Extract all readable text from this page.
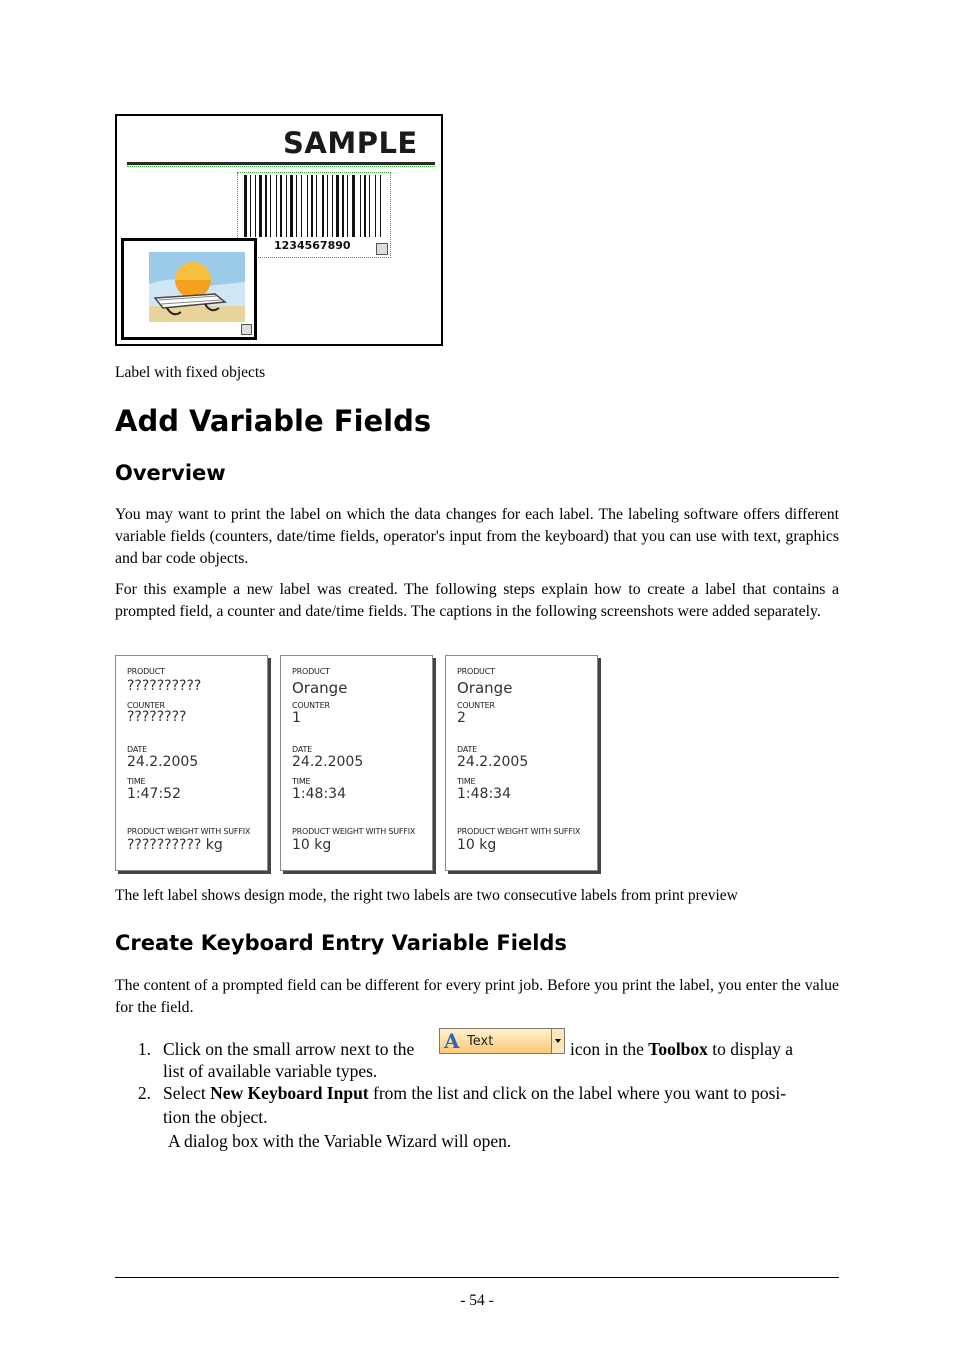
SAMPLE
1234567890
Label with fixed objects
Add Variable Fields
Overview
You may want to print the label on which the data changes for each label. The labeling software offers different variable fields (counters, date/time fields, operator's input from the keyboard) that you can use with text, graphics and bar code objects.
For this example a new label was created. The following steps explain how to create a label that contains a prompted field, a counter and date/time fields. The captions in the following screenshots were added separately.
PRODUCT
??????????
COUNTER
????????
DATE
24.2.2005
TIME
1:47:52
PRODUCT WEIGHT WITH SUFFIX
?????????? kg
PRODUCT
Orange
COUNTER
1
DATE
24.2.2005
TIME
1:48:34
PRODUCT WEIGHT WITH SUFFIX
10 kg
PRODUCT
Orange
COUNTER
2
DATE
24.2.2005
TIME
1:48:34
PRODUCT WEIGHT WITH SUFFIX
10 kg
The left label shows design mode, the right two labels are two consecutive labels from print preview
Create Keyboard Entry Variable Fields
The content of a prompted field can be different for every print job. Before you print the label, you enter the value for the field.
1. Click on the small arrow next to the A Text	icon in the Toolbox to display a
list of available variable types.
2. Select New Keyboard Input from the list and click on the label where you want to posi-
tion the object.
A dialog box with the Variable Wizard will open.
- 54 -
